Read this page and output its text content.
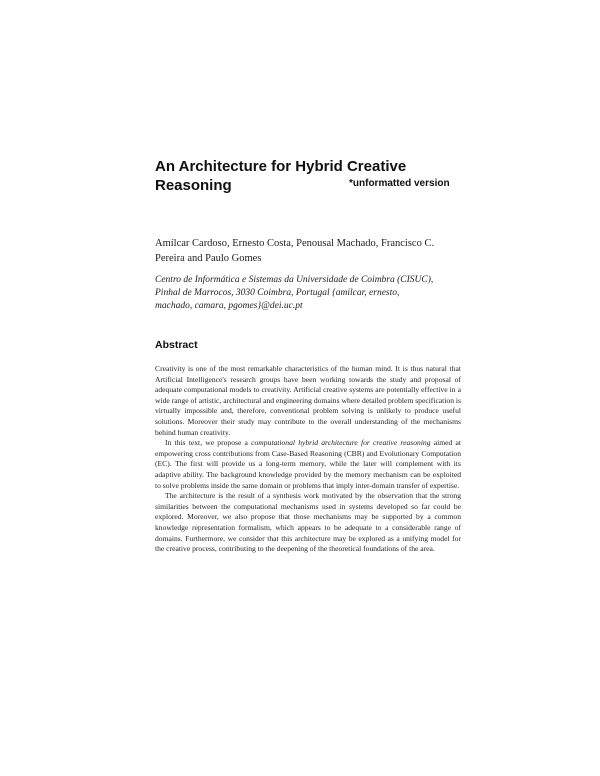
An Architecture for Hybrid Creative
Reasoning	*unformatted version
Amílcar Cardoso, Ernesto Costa, Penousal Machado, Francisco C.
Pereira and Paulo Gomes
Centro de Informática e Sistemas da Universidade de Coimbra (CISUC),
Pinhal de Marrocos, 3030 Coimbra, Portugal {amilcar, ernesto,
machado, camara, pgomes}@dei.uc.pt
Abstract

Creativity is one of the most remarkable characteristics of the human mind. It is thus natural that Artificial Intelligence's research groups have been working towards the study and proposal of adequate computational models to creativity. Artificial creative systems are potentially effective in a wide range of artistic, architectural and engineering domains where detailed problem specification is virtually impossible and, therefore, conventional problem solving is unlikely to produce useful solutions. Moreover their study may contribute to the overall understanding of the mechanisms behind human creativity.

In this text, we propose a computational hybrid architecture for creative reasoning aimed at empowering cross contributions from Case-Based Reasoning (CBR) and Evolutionary Computation (EC). The first will provide us a long-term memory, while the later will complement with its adaptive ability. The background knowledge provided by the memory mechanism can be exploited to solve problems inside the same domain or problems that imply inter-domain transfer of expertise.

The architecture is the result of a synthesis work motivated by the observation that the strong similarities between the computational mechanisms used in systems developed so far could be explored. Moreover, we also propose that those mechanisms may be supported by a common knowledge representation formalism, which appears to be adequate to a considerable range of domains. Furthermore, we consider that this architecture may be explored as a unifying model for the creative process, contributing to the deepening of the theoretical foundations of the area.
